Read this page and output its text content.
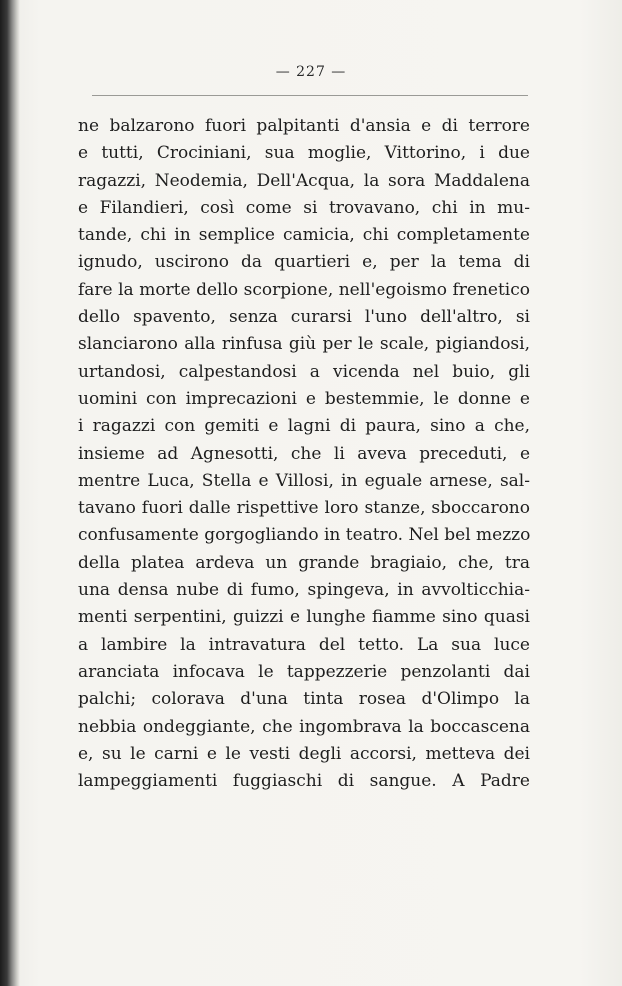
— 227 —
ne balzarono fuori palpitanti d'ansia e di terrore
e tutti, Crociniani, sua moglie, Vittorino, i due
ragazzi, Neodemia, Dell'Acqua, la sora Maddalena
e Filandieri, così come si trovavano, chi in mu-
tande, chi in semplice camicia, chi completamente
ignudo, uscirono da quartieri e, per la tema di
fare la morte dello scorpione, nell'egoismo frenetico
dello spavento, senza curarsi l'uno dell'altro, si
slanciarono alla rinfusa giù per le scale, pigiandosi,
urtandosi, calpestandosi a vicenda nel buio, gli
uomini con imprecazioni e bestemmie, le donne e
i ragazzi con gemiti e lagni di paura, sino a che,
insieme ad Agnesotti, che li aveva preceduti, e
mentre Luca, Stella e Villosi, in eguale arnese, sal-
tavano fuori dalle rispettive loro stanze, sboccarono
confusamente gorgogliando in teatro. Nel bel mezzo
della platea ardeva un grande bragiaio, che, tra
una densa nube di fumo, spingeva, in avvolticchia-
menti serpentini, guizzi e lunghe fiamme sino quasi
a lambire la intravatura del tetto. La sua luce
aranciata infocava le tappezzerie penzolanti dai
palchi; colorava d'una tinta rosea d'Olimpo la
nebbia ondeggiante, che ingombrava la boccascena
e, su le carni e le vesti degli accorsi, metteva dei
lampeggiamenti fuggiaschi di sangue. A Padre
